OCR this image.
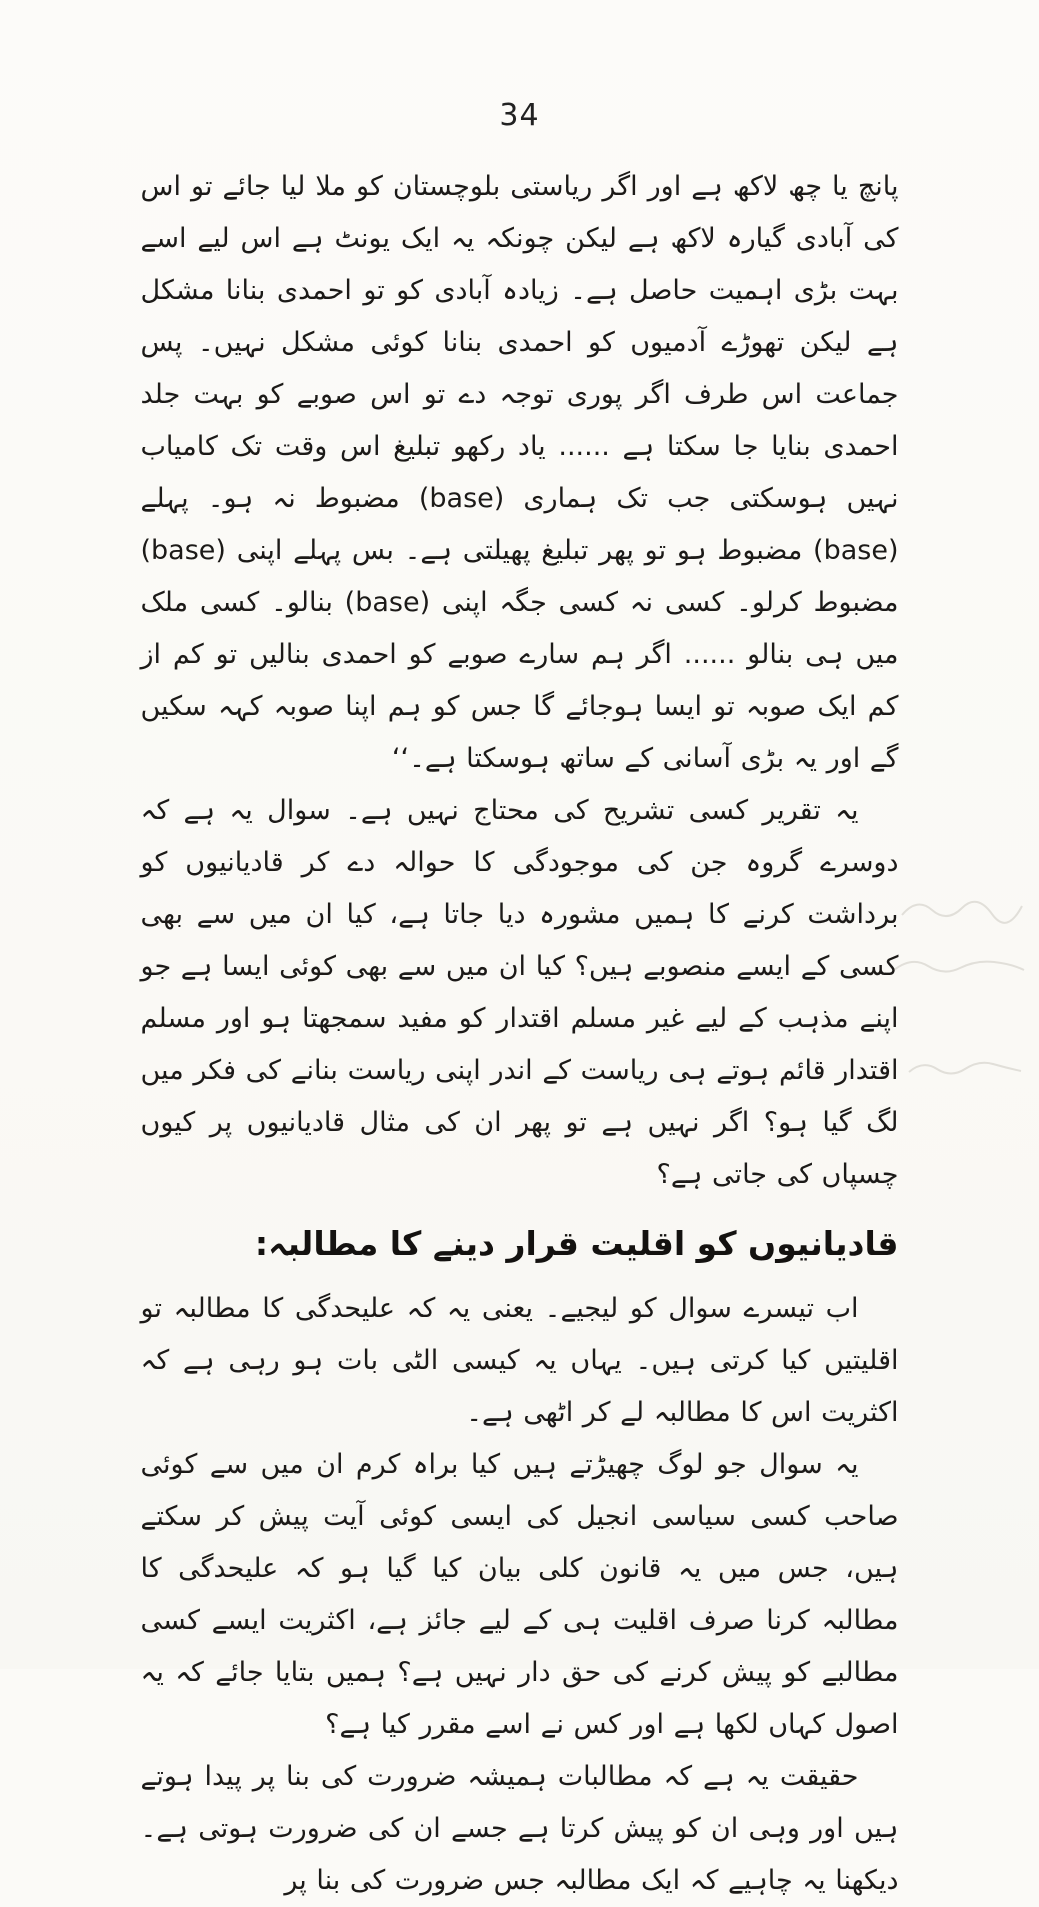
34

پانچ یا چھ لاکھ ہے اور اگر ریاستی بلوچستان کو ملا لیا جائے تو اس کی آبادی گیارہ لاکھ ہے لیکن چونکہ یہ ایک یونٹ ہے اس لیے اسے بہت بڑی اہمیت حاصل ہے۔ زیادہ آبادی کو تو احمدی بنانا مشکل ہے لیکن تھوڑے آدمیوں کو احمدی بنانا کوئی مشکل نہیں۔ پس جماعت اس طرف اگر پوری توجہ دے تو اس صوبے کو بہت جلد احمدی بنایا جا سکتا ہے ...... یاد رکھو تبلیغ اس وقت تک کامیاب نہیں ہوسکتی جب تک ہماری (base) مضبوط نہ ہو۔ پہلے (base) مضبوط ہو تو پھر تبلیغ پھیلتی ہے۔ بس پہلے اپنی (base) مضبوط کرلو۔ کسی نہ کسی جگہ اپنی (base) بنالو۔ کسی ملک میں ہی بنالو ...... اگر ہم سارے صوبے کو احمدی بنالیں تو کم از کم ایک صوبہ تو ایسا ہوجائے گا جس کو ہم اپنا صوبہ کہہ سکیں گے اور یہ بڑی آسانی کے ساتھ ہوسکتا ہے۔‘‘

یہ تقریر کسی تشریح کی محتاج نہیں ہے۔ سوال یہ ہے کہ دوسرے گروہ جن کی موجودگی کا حوالہ دے کر قادیانیوں کو برداشت کرنے کا ہمیں مشورہ دیا جاتا ہے، کیا ان میں سے بھی کسی کے ایسے منصوبے ہیں؟ کیا ان میں سے بھی کوئی ایسا ہے جو اپنے مذہب کے لیے غیر مسلم اقتدار کو مفید سمجھتا ہو اور مسلم اقتدار قائم ہوتے ہی ریاست کے اندر اپنی ریاست بنانے کی فکر میں لگ گیا ہو؟ اگر نہیں ہے تو پھر ان کی مثال قادیانیوں پر کیوں چسپاں کی جاتی ہے؟

قادیانیوں کو اقلیت قرار دینے کا مطالبہ:

اب تیسرے سوال کو لیجیے۔ یعنی یہ کہ علیحدگی کا مطالبہ تو اقلیتیں کیا کرتی ہیں۔ یہاں یہ کیسی الٹی بات ہو رہی ہے کہ اکثریت اس کا مطالبہ لے کر اٹھی ہے۔

یہ سوال جو لوگ چھیڑتے ہیں کیا براہ کرم ان میں سے کوئی صاحب کسی سیاسی انجیل کی ایسی کوئی آیت پیش کر سکتے ہیں، جس میں یہ قانون کلی بیان کیا گیا ہو کہ علیحدگی کا مطالبہ کرنا صرف اقلیت ہی کے لیے جائز ہے، اکثریت ایسے کسی مطالبے کو پیش کرنے کی حق دار نہیں ہے؟ ہمیں بتایا جائے کہ یہ اصول کہاں لکھا ہے اور کس نے اسے مقرر کیا ہے؟

حقیقت یہ ہے کہ مطالبات ہمیشہ ضرورت کی بنا پر پیدا ہوتے ہیں اور وہی ان کو پیش کرتا ہے جسے ان کی ضرورت ہوتی ہے۔ دیکھنا یہ چاہیے کہ ایک مطالبہ جس ضرورت کی بنا پر
